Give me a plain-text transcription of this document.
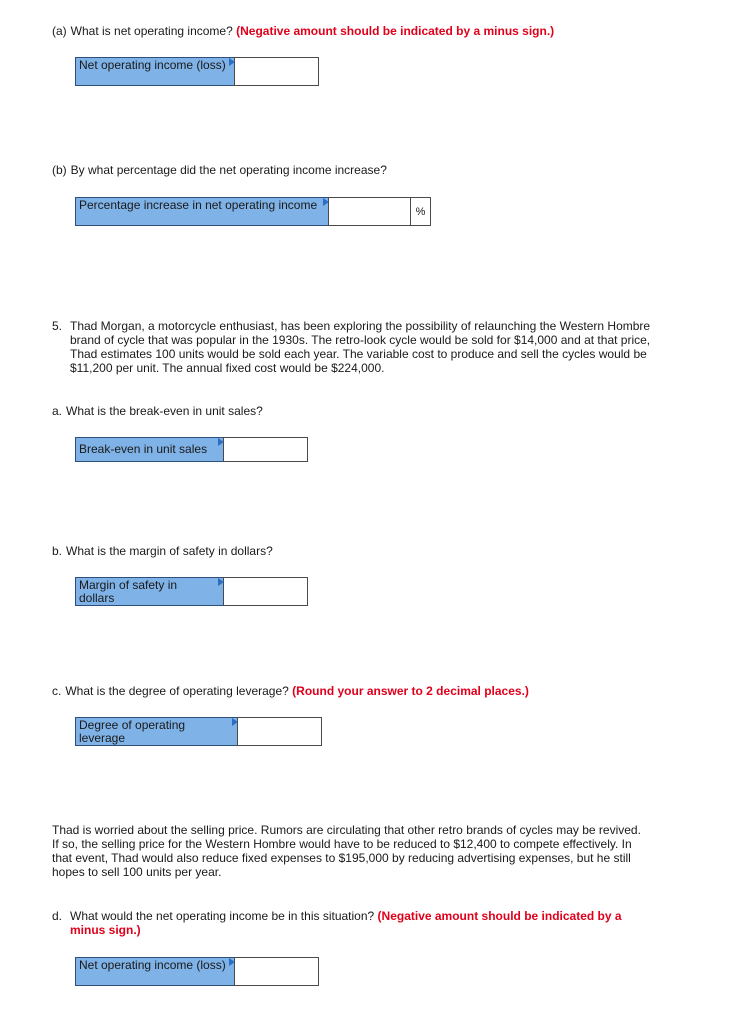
(a) What is net operating income? (Negative amount should be indicated by a minus sign.)
Net operating income (loss)
(b) By what percentage did the net operating income increase?
Percentage increase in net operating income	%
5. Thad Morgan, a motorcycle enthusiast, has been exploring the possibility of relaunching the Western Hombre brand of cycle that was popular in the 1930s. The retro-look cycle would be sold for $14,000 and at that price, Thad estimates 100 units would be sold each year. The variable cost to produce and sell the cycles would be $11,200 per unit. The annual fixed cost would be $224,000.
a. What is the break-even in unit sales?
Break-even in unit sales
b. What is the margin of safety in dollars?
Margin of safety in dollars
c. What is the degree of operating leverage? (Round your answer to 2 decimal places.)
Degree of operating leverage
Thad is worried about the selling price. Rumors are circulating that other retro brands of cycles may be revived. If so, the selling price for the Western Hombre would have to be reduced to $12,400 to compete effectively. In that event, Thad would also reduce fixed expenses to $195,000 by reducing advertising expenses, but he still hopes to sell 100 units per year.
d. What would the net operating income be in this situation? (Negative amount should be indicated by a minus sign.)
Net operating income (loss)
